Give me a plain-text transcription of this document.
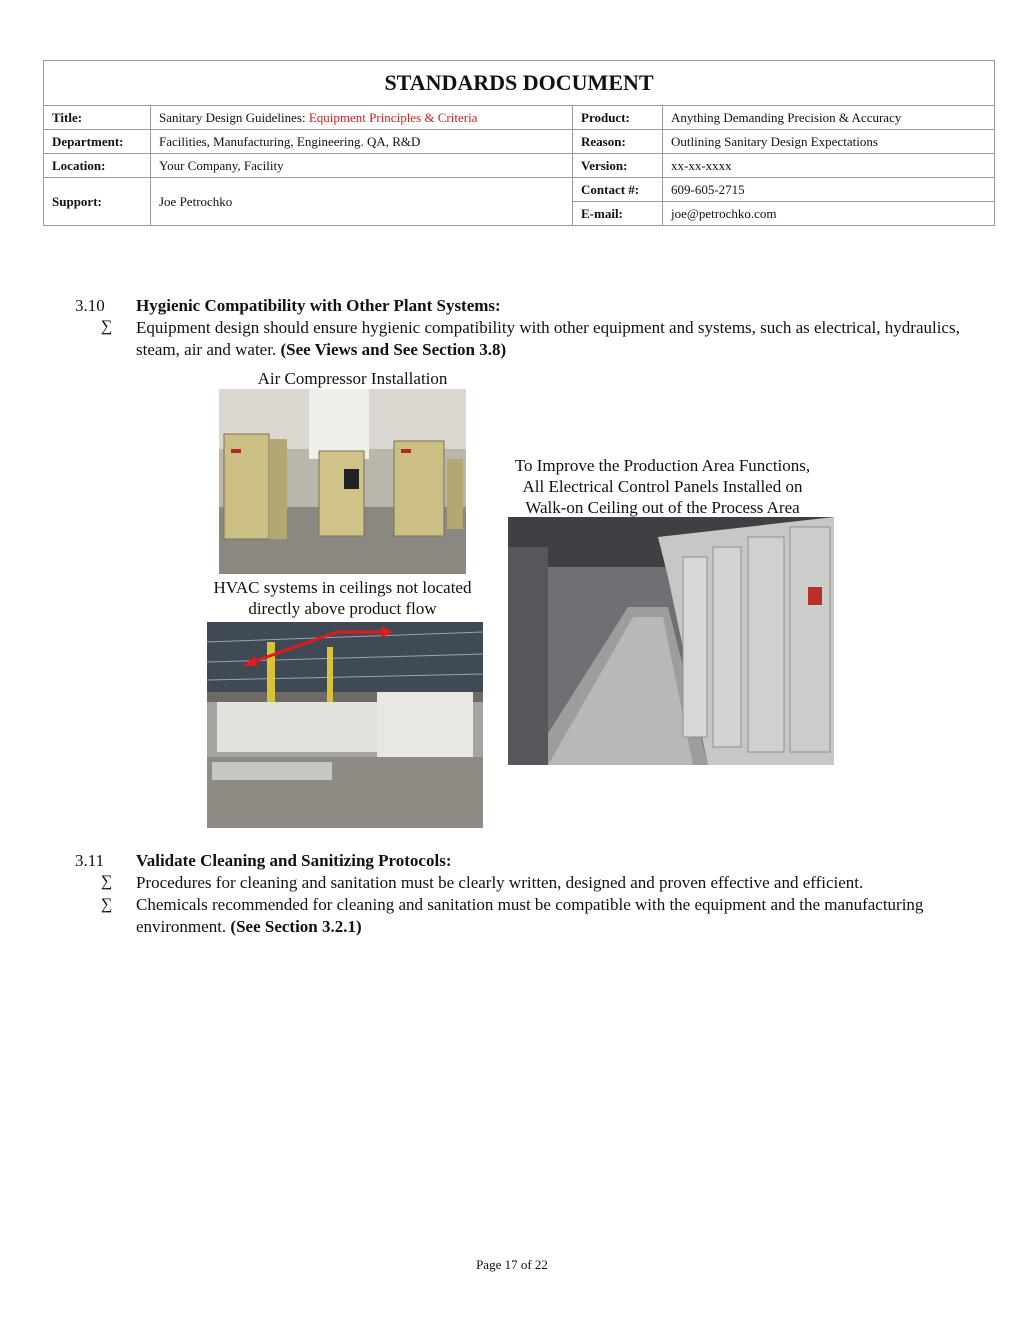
STANDARDS DOCUMENT			
Title:	Sanitary Design Guidelines: Equipment Principles & Criteria	Product:	Anything Demanding Precision & Accuracy
Department:	Facilities, Manufacturing, Engineering. QA, R&D	Reason:	Outlining Sanitary Design Expectations
Location:	Your Company, Facility	Version:	xx-xx-xxxx
Support:	Joe Petrochko	Contact #:	609-605-2715
		E-mail:	joe@petrochko.com
3.10 Hygienic Compatibility with Other Plant Systems:
∑ Equipment design should ensure hygienic compatibility with other equipment and systems, such as electrical, hydraulics, steam, air and water. (See Views and See Section 3.8)
Air Compressor Installation
To Improve the Production Area Functions,
All Electrical Control Panels Installed on
Walk-on Ceiling out of the Process Area
HVAC systems in ceilings not located
directly above product flow
3.11 Validate Cleaning and Sanitizing Protocols:
∑ Procedures for cleaning and sanitation must be clearly written, designed and proven effective and efficient.
∑ Chemicals recommended for cleaning and sanitation must be compatible with the equipment and the manufacturing environment. (See Section 3.2.1)
Page 17 of 22
